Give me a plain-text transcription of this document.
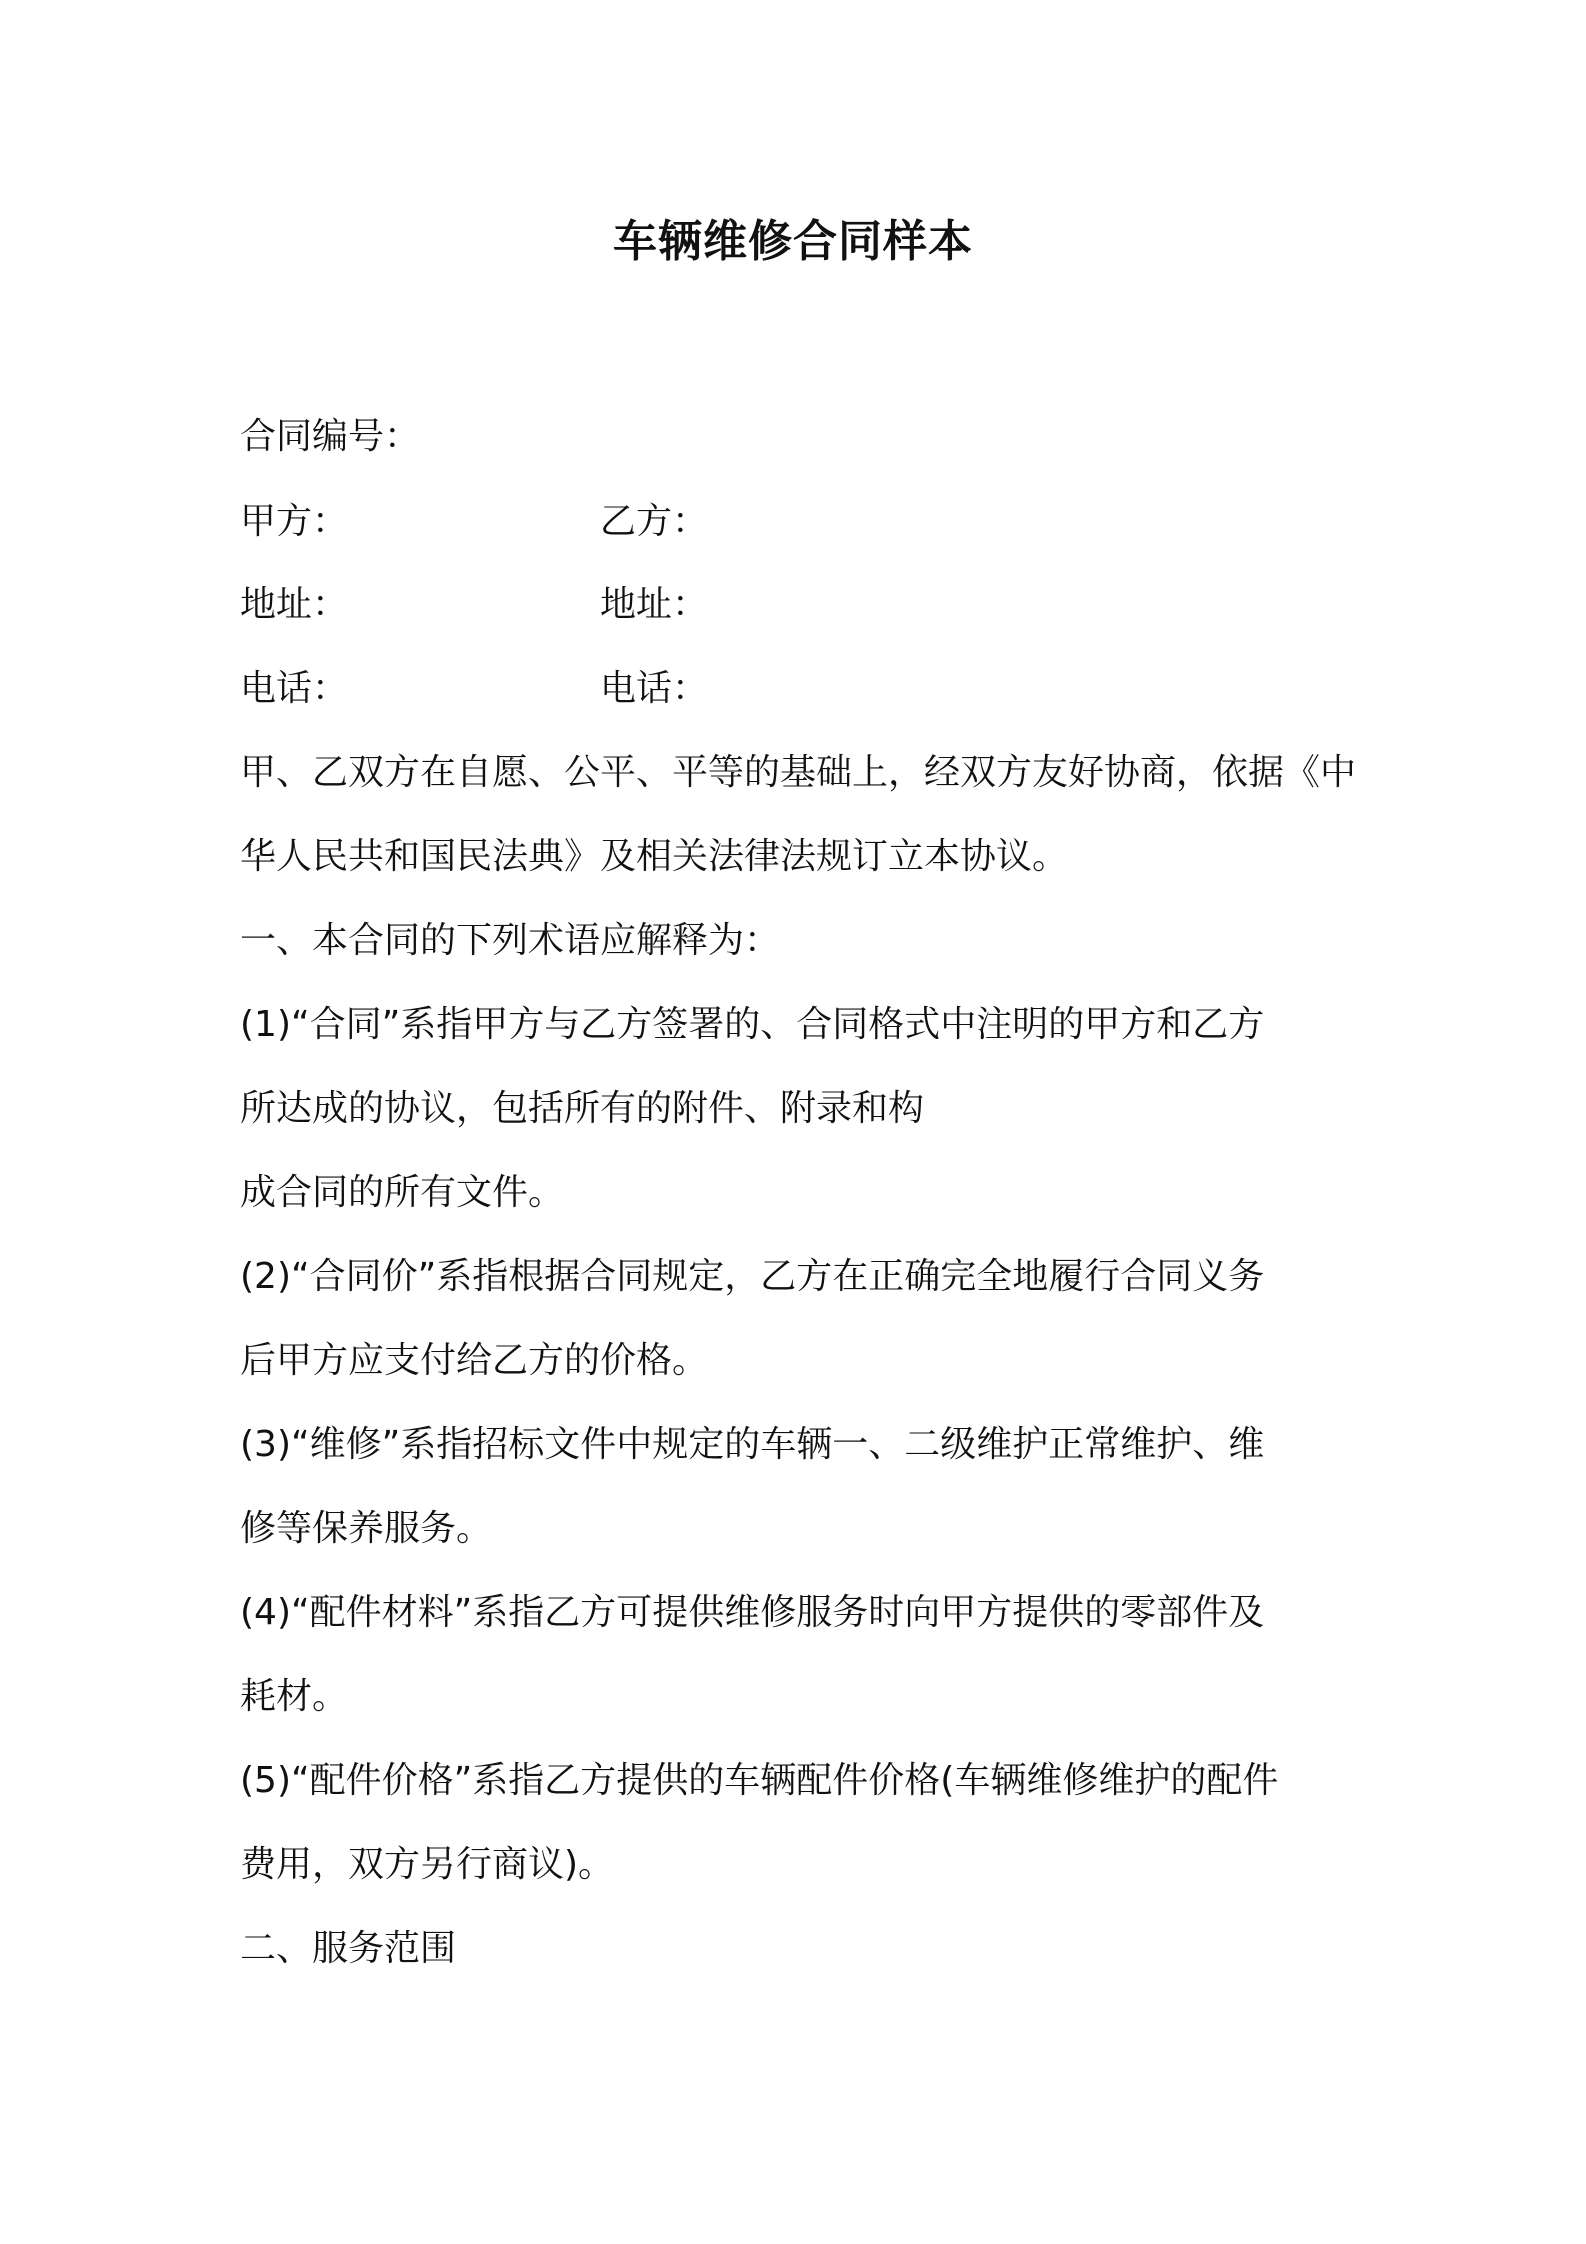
车辆维修合同样本

合同编号：

甲方：	乙方：

地址：	地址：

电话：	电话：

甲、乙双方在自愿、公平、平等的基础上，经双方友好协商，依据《中

华人民共和国民法典》及相关法律法规订立本协议。

一、本合同的下列术语应解释为：

(1)“合同”系指甲方与乙方签署的、合同格式中注明的甲方和乙方

所达成的协议，包括所有的附件、附录和构

成合同的所有文件。

(2)“合同价”系指根据合同规定，乙方在正确完全地履行合同义务

后甲方应支付给乙方的价格。

(3)“维修”系指招标文件中规定的车辆一、二级维护正常维护、维

修等保养服务。

(4)“配件材料”系指乙方可提供维修服务时向甲方提供的零部件及

耗材。

(5)“配件价格”系指乙方提供的车辆配件价格(车辆维修维护的配件

费用，双方另行商议)。

二、服务范围
